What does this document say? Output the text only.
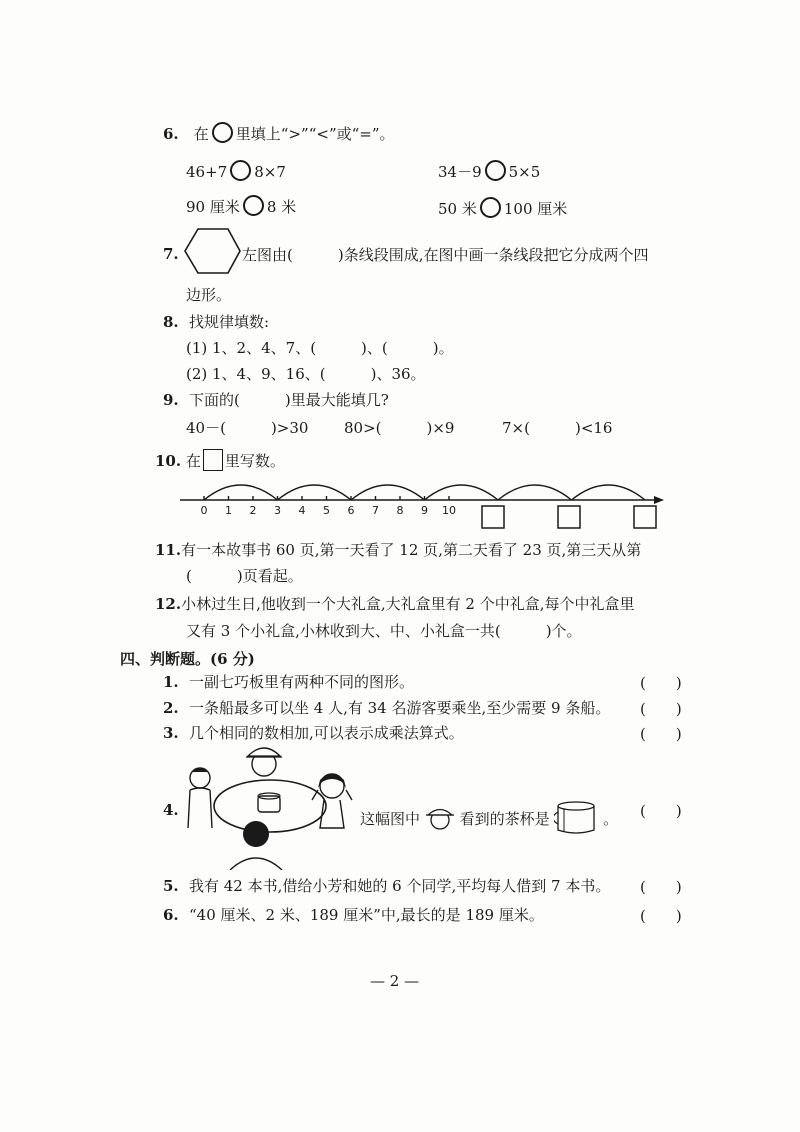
6. 在 里填上“>”“<”或“=”。
46+7 8×7	34－9 5×5
90 厘米 8 米	50 米 100 厘米
7.	左图由(　　　)条线段围成,在图中画一条线段把它分成两个四
边形。
8. 找规律填数:
(1) 1、2、4、7、(　　　)、(　　　)。
(2) 1、4、9、16、(　　　)、36。
9. 下面的(　　　)里最大能填几?
40－(　　　)>30 80>(　　　)×9	7×(　　　)<16
10. 在 里写数。
0 1 2 3 4 5 6 7 8 9 10
11.有一本故事书 60 页,第一天看了 12 页,第二天看了 23 页,第三天从第
(　　　)页看起。
12.小林过生日,他收到一个大礼盒,大礼盒里有 2 个中礼盒,每个中礼盒里
又有 3 个小礼盒,小林收到大、中、小礼盒一共(　　　)个。
四、判断题。(6 分)
1. 一副七巧板里有两种不同的图形。	(　　)
2. 一条船最多可以坐 4 人,有 34 名游客要乘坐,至少需要 9 条船。 (　　)
3. 几个相同的数相加,可以表示成乘法算式。	(　　)
4.	这幅图中	看到的茶杯是	。 (　　)
5. 我有 42 本书,借给小芳和她的 6 个同学,平均每人借到 7 本书。 (　　)
6. “40 厘米、2 米、189 厘米”中,最长的是 189 厘米。	(　　)
— 2 —
